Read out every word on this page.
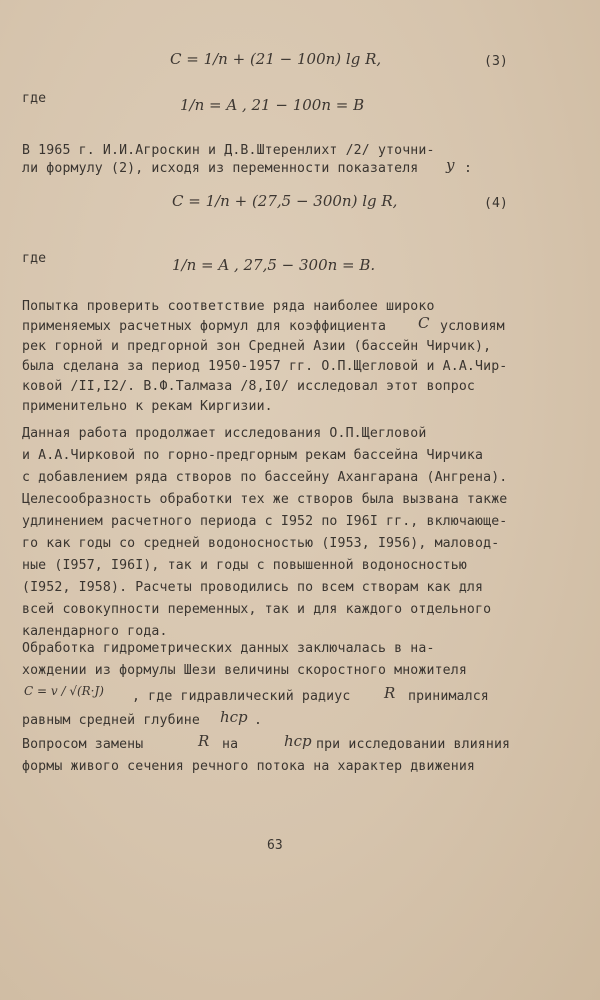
C = 1/n + (21 − 100n) lg R,	(3)
где	1/n = A , 21 − 100n = B
В 1965 г. И.И.Агроскин и Д.В.Штеренлихт /2/ уточни-
ли формулу (2), исходя из переменности показателя y :
C = 1/n + (27,5 − 300n) lg R,	(4)
где	1/n = A , 27,5 − 300n = B.
Попытка проверить соответствие ряда наиболее широко
применяемых расчетных формул для коэффициента C условиям
рек горной и предгорной зон Средней Азии (бассейн Чирчик),
была сделана за период 1950-1957 гг. О.П.Щегловой и А.А.Чир-
ковой /II,I2/. В.Ф.Талмаза /8,I0/ исследовал этот вопрос
применительно к рекам Киргизии.
Данная работа продолжает исследования О.П.Щегловой
и А.А.Чирковой по горно-предгорным рекам бассейна Чирчика
с добавлением ряда створов по бассейну Ахангарана (Ангрена).
Целесообразность обработки тех же створов была вызвана также
удлинением расчетного периода с I952 по I96I гг., включающе-
го как годы со средней водоносностью (I953, I956), маловод-
ные (I957, I96I), так и годы с повышенной водоносностью
(I952, I958). Расчеты проводились по всем створам как для
всей совокупности переменных, так и для каждого отдельного
календарного года.
Обработка гидрометрических данных заключалась в на-
хождении из формулы Шези величины скоростного множителя
C = v / √(R·J) , где гидравлический радиус R принимался
равным средней глубине hср .
Вопросом замены	R на	hср при исследовании влияния
формы живого сечения речного потока на характер движения
63
